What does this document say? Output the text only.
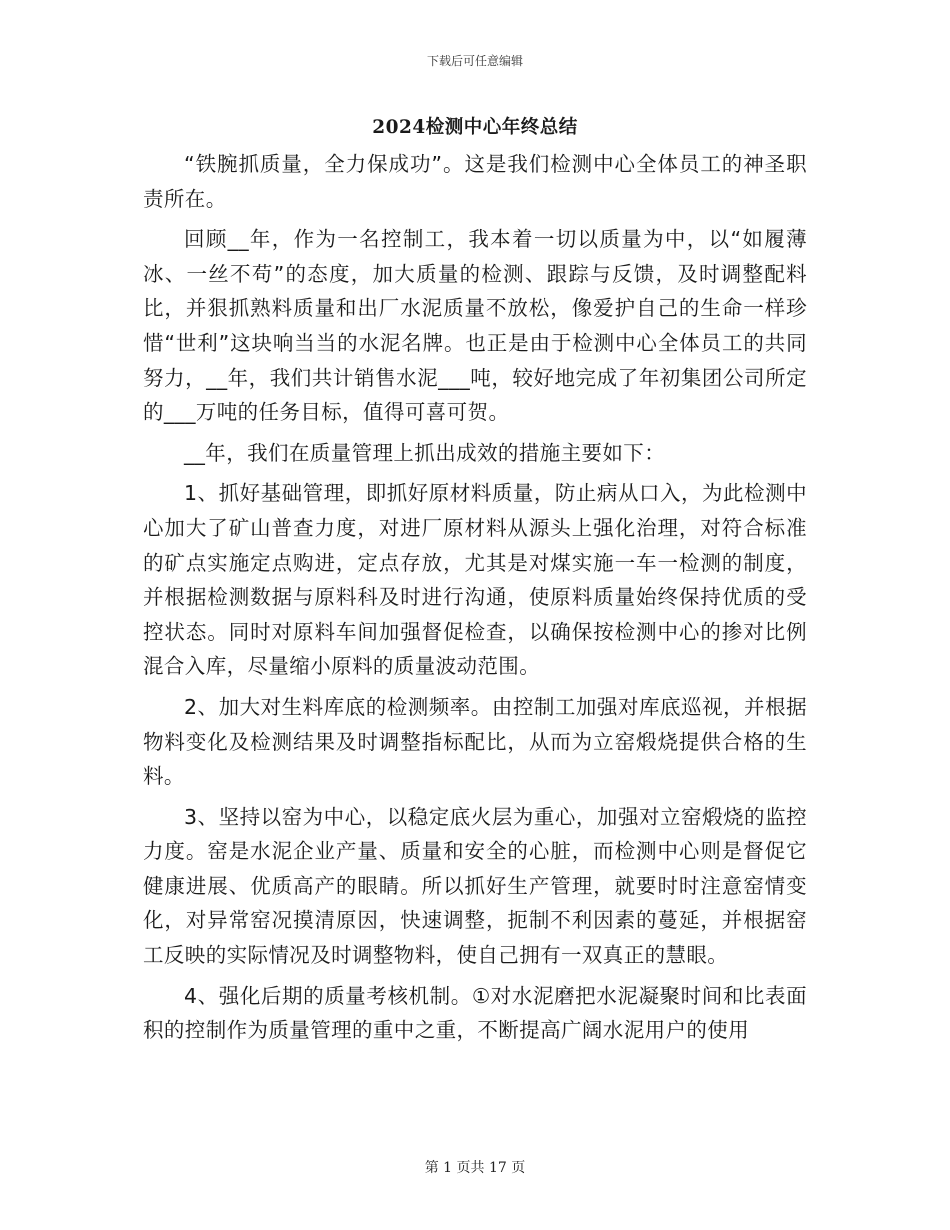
下载后可任意编辑
2024检测中心年终总结

“铁腕抓质量，全力保成功”。这是我们检测中心全体员工的神圣职责所在。

回顾__年，作为一名控制工，我本着一切以质量为中，以“如履薄冰、一丝不苟”的态度，加大质量的检测、跟踪与反馈，及时调整配料比，并狠抓熟料质量和出厂水泥质量不放松，像爱护自己的生命一样珍惜“世利”这块响当当的水泥名牌。也正是由于检测中心全体员工的共同努力，__年，我们共计销售水泥___吨，较好地完成了年初集团公司所定的___万吨的任务目标，值得可喜可贺。

__年，我们在质量管理上抓出成效的措施主要如下：

1、抓好基础管理，即抓好原材料质量，防止病从口入，为此检测中心加大了矿山普查力度，对进厂原材料从源头上强化治理，对符合标准的矿点实施定点购进，定点存放，尤其是对煤实施一车一检测的制度，并根据检测数据与原料科及时进行沟通，使原料质量始终保持优质的受控状态。同时对原料车间加强督促检查，以确保按检测中心的掺对比例混合入库，尽量缩小原料的质量波动范围。

2、加大对生料库底的检测频率。由控制工加强对库底巡视，并根据物料变化及检测结果及时调整指标配比，从而为立窑煅烧提供合格的生料。

3、坚持以窑为中心，以稳定底火层为重心，加强对立窑煅烧的监控力度。窑是水泥企业产量、质量和安全的心脏，而检测中心则是督促它健康进展、优质高产的眼睛。所以抓好生产管理，就要时时注意窑情变化，对异常窑况摸清原因，快速调整，扼制不利因素的蔓延，并根据窑工反映的实际情况及时调整物料，使自己拥有一双真正的慧眼。

4、强化后期的质量考核机制。①对水泥磨把水泥凝聚时间和比表面积的控制作为质量管理的重中之重，不断提高广阔水泥用户的使用

第 1 页共 17 页
